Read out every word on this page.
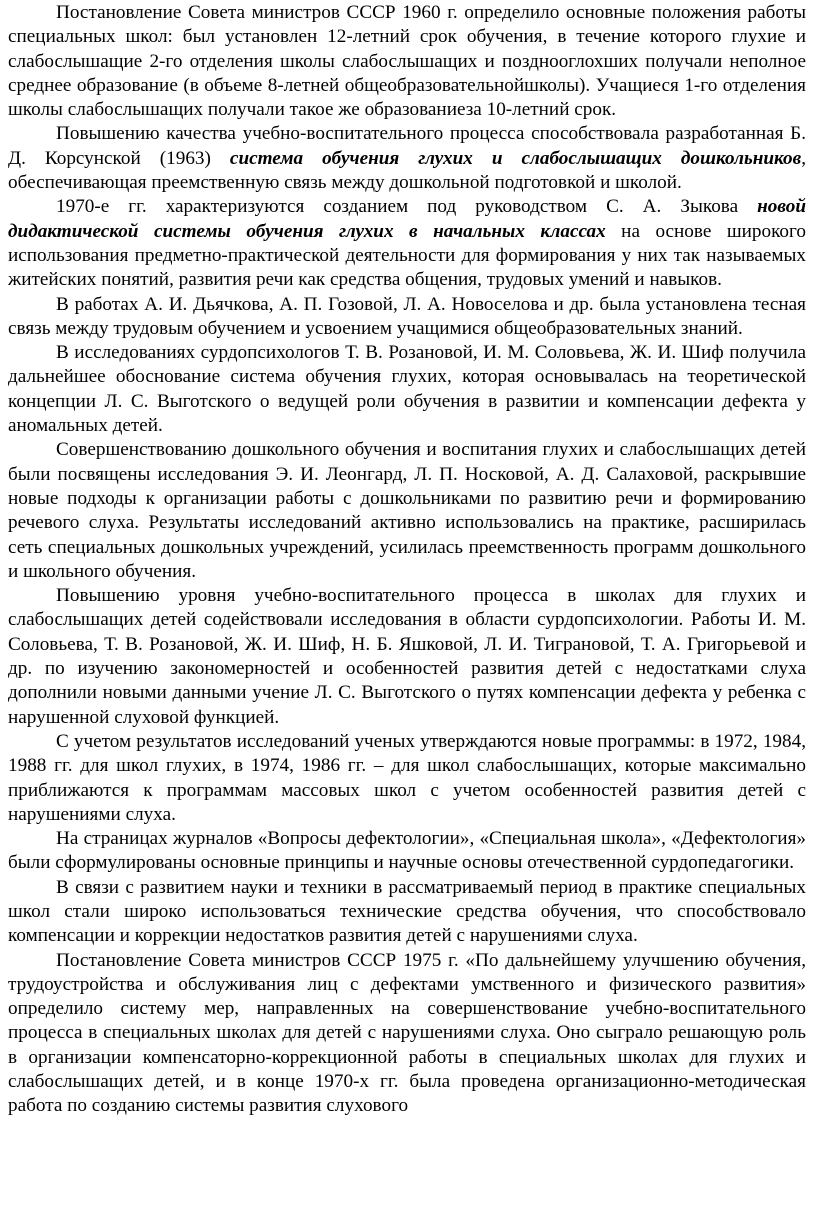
Постановление Совета министров СССР 1960 г. определило основные положения работы специальных школ: был установлен 12-летний срок обучения, в течение которого глухие и слабослышащие 2-го отделения школы слабослышащих и позднооглохших получали неполное среднее образование (в объеме 8-летней общеобразовательнойшколы). Учащиеся 1-го отделения школы слабослышащих получали такое же образованиеза 10-летний срок.

Повышению качества учебно-воспитательного процесса способствовала разработанная Б. Д. Корсунской (1963) система обучения глухих и слабослышащих дошкольников, обеспечивающая преемственную связь между дошкольной подготовкой и школой.

1970-е гг. характеризуются созданием под руководством С. А. Зыкова новой дидактической системы обучения глухих в начальных классах на основе широкого использования предметно-практической деятельности для формирования у них так называемых житейских понятий, развития речи как средства общения, трудовых умений и навыков.

В работах А. И. Дьячкова, А. П. Гозовой, Л. А. Новоселова и др. была установлена тесная связь между трудовым обучением и усвоением учащимися общеобразовательных знаний.

В исследованиях сурдопсихологов Т. В. Розановой, И. М. Соловьева, Ж. И. Шиф получила дальнейшее обоснование система обучения глухих, которая основывалась на теоретической концепции Л. С. Выготского о ведущей роли обучения в развитии и компенсации дефекта у аномальных детей.

Совершенствованию дошкольного обучения и воспитания глухих и слабослышащих детей были посвящены исследования Э. И. Леонгард, Л. П. Носковой, А. Д. Салаховой, раскрывшие новые подходы к организации работы с дошкольниками по развитию речи и формированию речевого слуха. Результаты исследований активно использовались на практике, расширилась сеть специальных дошкольных учреждений, усилилась преемственность программ дошкольного и школьного обучения.

Повышению уровня учебно-воспитательного процесса в школах для глухих и слабослышащих детей содействовали исследования в области сурдопсихологии. Работы И. М. Соловьева, Т. В. Розановой, Ж. И. Шиф, Н. Б. Яшковой, Л. И. Тиграновой, Т. А. Григорьевой и др. по изучению закономерностей и особенностей развития детей с недостатками слуха дополнили новыми данными учение Л. С. Выготского о путях компенсации дефекта у ребенка с нарушенной слуховой функцией.

С учетом результатов исследований ученых утверждаются новые программы: в 1972, 1984, 1988 гг. для школ глухих, в 1974, 1986 гг. – для школ слабослышащих, которые максимально приближаются к программам массовых школ с учетом особенностей развития детей с нарушениями слуха.

На страницах журналов «Вопросы дефектологии», «Специальная школа», «Дефектология» были сформулированы основные принципы и научные основы отечественной сурдопедагогики.

В связи с развитием науки и техники в рассматриваемый период в практике специальных школ стали широко использоваться технические средства обучения, что способствовало компенсации и коррекции недостатков развития детей с нарушениями слуха.

Постановление Совета министров СССР 1975 г. «По дальнейшему улучшению обучения, трудоустройства и обслуживания лиц с дефектами умственного и физического развития» определило систему мер, направленных на совершенствование учебно-воспитательного процесса в специальных школах для детей с нарушениями слуха. Оно сыграло решающую роль в организации компенсаторно-коррекционной работы в специальных школах для глухих и слабослышащих детей, и в конце 1970-х гг. была проведена организационно-методическая работа по созданию системы развития слухового
